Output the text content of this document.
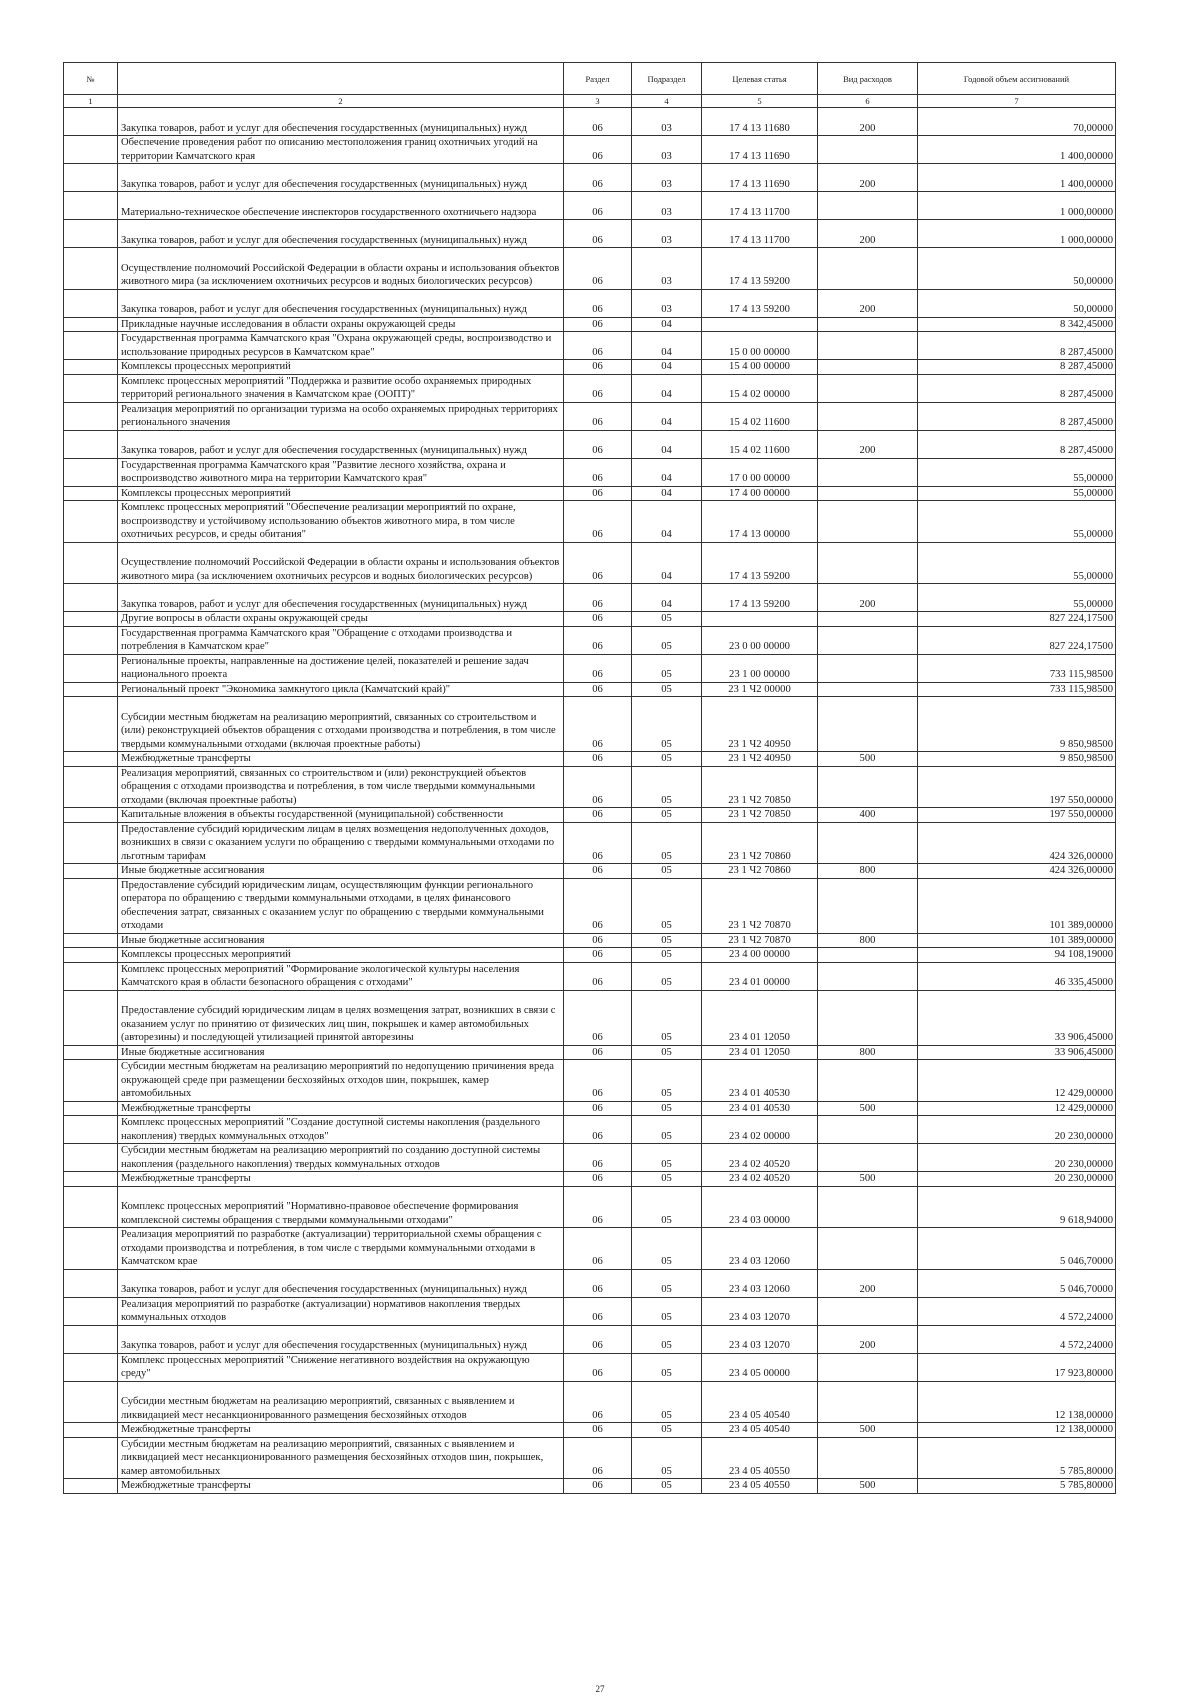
№		Раздел	Подраздел	Целевая статья	Вид расходов	Годовой объем ассигнований
1	2	3	4	5	6	7
	Закупка товаров, работ и услуг для обеспечения государственных (муниципальных) нужд	06	03	17 4 13 11680	200	70,00000
	Обеспечение проведения работ по описанию местоположения границ охотничьих угодий на территории Камчатского края	06	03	17 4 13 11690		1 400,00000
	Закупка товаров, работ и услуг для обеспечения государственных (муниципальных) нужд	06	03	17 4 13 11690	200	1 400,00000
	Материально-техническое обеспечение инспекторов государственного охотничьего надзора	06	03	17 4 13 11700		1 000,00000
	Закупка товаров, работ и услуг для обеспечения государственных (муниципальных) нужд	06	03	17 4 13 11700	200	1 000,00000
	Осуществление полномочий Российской Федерации в области охраны и использования объектов животного мира (за исключением охотничьих ресурсов и водных биологических ресурсов)	06	03	17 4 13 59200		50,00000
	Закупка товаров, работ и услуг для обеспечения государственных (муниципальных) нужд	06	03	17 4 13 59200	200	50,00000
	Прикладные научные исследования в области охраны окружающей среды	06	04			8 342,45000
	Государственная программа Камчатского края "Охрана окружающей среды, воспроизводство и использование природных ресурсов в Камчатском крае"	06	04	15 0 00 00000		8 287,45000
	Комплексы процессных мероприятий	06	04	15 4 00 00000		8 287,45000
	Комплекс процессных мероприятий "Поддержка и развитие особо охраняемых природных территорий регионального значения в Камчатском крае (ООПТ)"	06	04	15 4 02 00000		8 287,45000
	Реализация мероприятий по организации туризма на особо охраняемых природных территориях регионального значения	06	04	15 4 02 11600		8 287,45000
	Закупка товаров, работ и услуг для обеспечения государственных (муниципальных) нужд	06	04	15 4 02 11600	200	8 287,45000
	Государственная программа Камчатского края "Развитие лесного хозяйства, охрана и воспроизводство животного мира на территории Камчатского края"	06	04	17 0 00 00000		55,00000
	Комплексы процессных мероприятий	06	04	17 4 00 00000		55,00000
	Комплекс процессных мероприятий "Обеспечение реализации мероприятий по охране, воспроизводству и устойчивому использованию объектов животного мира, в том числе охотничьих ресурсов, и среды обитания"	06	04	17 4 13 00000		55,00000
	Осуществление полномочий Российской Федерации в области охраны и использования объектов животного мира (за исключением охотничьих ресурсов и водных биологических ресурсов)	06	04	17 4 13 59200		55,00000
	Закупка товаров, работ и услуг для обеспечения государственных (муниципальных) нужд	06	04	17 4 13 59200	200	55,00000
	Другие вопросы в области охраны окружающей среды	06	05			827 224,17500
	Государственная программа Камчатского края "Обращение с отходами производства и потребления в Камчатском крае"	06	05	23 0 00 00000		827 224,17500
	Региональные проекты, направленные на достижение целей, показателей и решение задач национального проекта	06	05	23 1 00 00000		733 115,98500
	Региональный проект "Экономика замкнутого цикла (Камчатский край)"	06	05	23 1 Ч2 00000		733 115,98500
	Субсидии местным бюджетам на реализацию мероприятий, связанных со строительством и (или) реконструкцией объектов обращения с отходами производства и потребления, в том числе твердыми коммунальными отходами (включая проектные работы)	06	05	23 1 Ч2 40950		9 850,98500
	Межбюджетные трансферты	06	05	23 1 Ч2 40950	500	9 850,98500
	Реализация мероприятий, связанных со строительством и (или) реконструкцией объектов обращения с отходами производства и потребления, в том числе твердыми коммунальными отходами (включая проектные работы)	06	05	23 1 Ч2 70850		197 550,00000
	Капитальные вложения в объекты государственной (муниципальной) собственности	06	05	23 1 Ч2 70850	400	197 550,00000
	Предоставление субсидий юридическим лицам в целях возмещения недополученных доходов, возникших в связи с оказанием услуги по обращению с твердыми коммунальными отходами по льготным тарифам	06	05	23 1 Ч2 70860		424 326,00000
	Иные бюджетные ассигнования	06	05	23 1 Ч2 70860	800	424 326,00000
	Предоставление субсидий юридическим лицам, осуществляющим функции регионального оператора по обращению с твердыми коммунальными отходами, в целях финансового обеспечения затрат, связанных с оказанием услуг по обращению с твердыми коммунальными отходами	06	05	23 1 Ч2 70870		101 389,00000
	Иные бюджетные ассигнования	06	05	23 1 Ч2 70870	800	101 389,00000
	Комплексы процессных мероприятий	06	05	23 4 00 00000		94 108,19000
	Комплекс процессных мероприятий "Формирование экологической культуры населения Камчатского края в области безопасного обращения с отходами"	06	05	23 4 01 00000		46 335,45000
	Предоставление субсидий юридическим лицам в целях возмещения затрат, возникших в связи с оказанием услуг по принятию от физических лиц шин, покрышек и камер автомобильных (авторезины) и последующей утилизацией принятой авторезины	06	05	23 4 01 12050		33 906,45000
	Иные бюджетные ассигнования	06	05	23 4 01 12050	800	33 906,45000
	Субсидии местным бюджетам на реализацию мероприятий по недопущению причинения вреда окружающей среде при размещении бесхозяйных отходов шин, покрышек, камер автомобильных	06	05	23 4 01 40530		12 429,00000
	Межбюджетные трансферты	06	05	23 4 01 40530	500	12 429,00000
	Комплекс процессных мероприятий "Создание доступной системы накопления (раздельного накопления) твердых коммунальных отходов"	06	05	23 4 02 00000		20 230,00000
	Субсидии местным бюджетам на реализацию мероприятий по созданию доступной системы накопления (раздельного накопления) твердых коммунальных отходов	06	05	23 4 02 40520		20 230,00000
	Межбюджетные трансферты	06	05	23 4 02 40520	500	20 230,00000
	Комплекс процессных мероприятий "Нормативно-правовое обеспечение формирования комплексной системы обращения с твердыми коммунальными отходами"	06	05	23 4 03 00000		9 618,94000
	Реализация мероприятий по разработке (актуализации) территориальной схемы обращения с отходами производства и потребления, в том числе с твердыми коммунальными отходами в Камчатском крае	06	05	23 4 03 12060		5 046,70000
	Закупка товаров, работ и услуг для обеспечения государственных (муниципальных) нужд	06	05	23 4 03 12060	200	5 046,70000
	Реализация мероприятий по разработке (актуализации) нормативов накопления твердых коммунальных отходов	06	05	23 4 03 12070		4 572,24000
	Закупка товаров, работ и услуг для обеспечения государственных (муниципальных) нужд	06	05	23 4 03 12070	200	4 572,24000
	Комплекс процессных мероприятий "Снижение негативного воздействия на окружающую среду"	06	05	23 4 05 00000		17 923,80000
	Субсидии местным бюджетам на реализацию мероприятий, связанных с выявлением и ликвидацией мест несанкционированного размещения бесхозяйных отходов	06	05	23 4 05 40540		12 138,00000
	Межбюджетные трансферты	06	05	23 4 05 40540	500	12 138,00000
	Субсидии местным бюджетам на реализацию мероприятий, связанных с выявлением и ликвидацией мест несанкционированного размещения бесхозяйных отходов шин, покрышек, камер автомобильных	06	05	23 4 05 40550		5 785,80000
	Межбюджетные трансферты	06	05	23 4 05 40550	500	5 785,80000
27
